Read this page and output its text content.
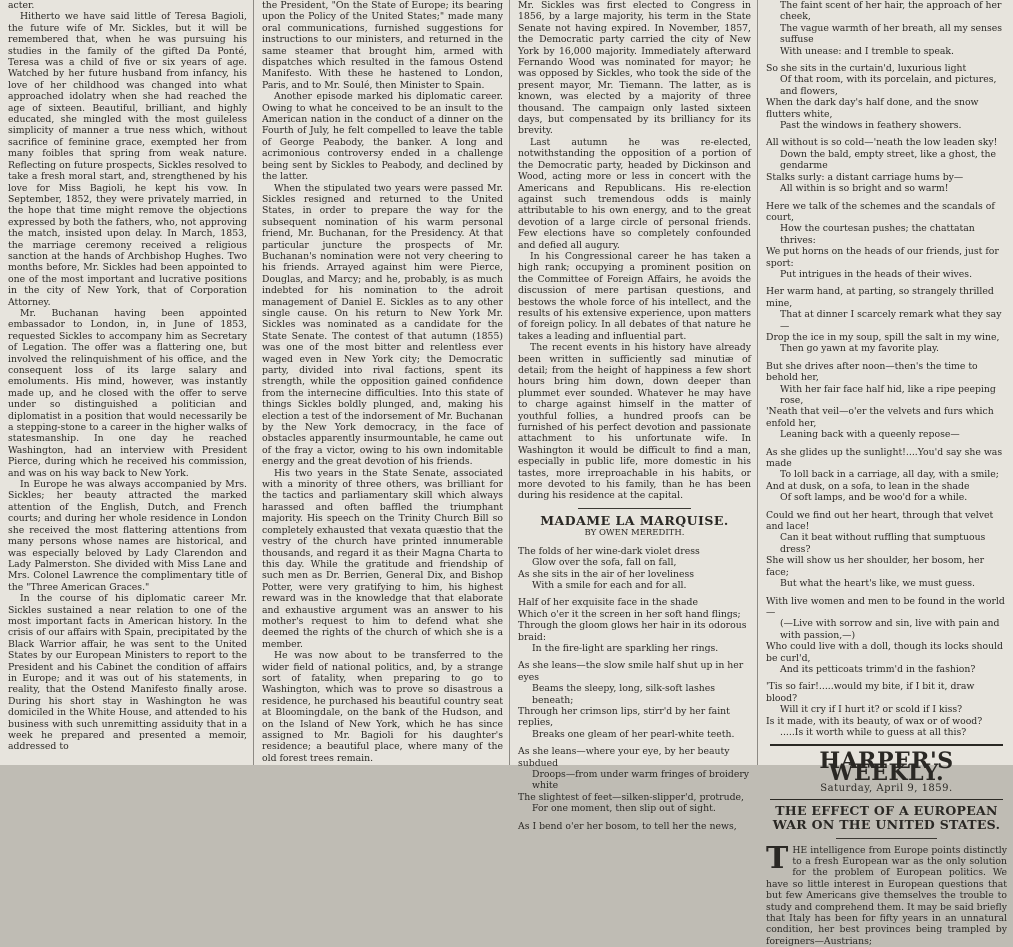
acter.

Hitherto we have said little of Teresa Bagioli, the future wife of Mr. Sickles, but it will be remembered that, when he was pursuing his studies in the family of the gifted Da Ponté, Teresa was a child of five or six years of age. Watched by her future husband from infancy, his love of her childhood was changed into what approached idolatry when she had reached the age of sixteen. Beautiful, brilliant, and highly educated, she mingled with the most guileless simplicity of manner a true ness which, without sacrifice of feminine grace, exempted her from many foibles that spring from weak nature. Reflecting on future prospects, Sickles resolved to take a fresh moral start, and, strengthened by his love for Miss Bagioli, he kept his vow. In September, 1852, they were privately married, in the hope that time might remove the objections expressed by both the fathers, who, not approving the match, insisted upon delay. In March, 1853, the marriage ceremony received a religious sanction at the hands of Archbishop Hughes. Two months before, Mr. Sickles had been appointed to one of the most important and lucrative positions in the city of New York, that of Corporation Attorney.

Mr. Buchanan having been appointed embassador to London, in, in June of 1853, requested Sickles to accompany him as Secretary of Legation. The offer was a flattering one, but involved the relinquishment of his office, and the consequent loss of its large salary and emoluments. His mind, however, was instantly made up, and he closed with the offer to serve under so distinguished a politician and diplomatist in a position that would necessarily be a stepping-stone to a career in the higher walks of statesmanship. In one day he reached Washington, had an interview with President Pierce, during which he received his commission, and was on his way back to New York.

In Europe he was always accompanied by Mrs. Sickles; her beauty attracted the marked attention of the English, Dutch, and French courts; and during her whole residence in London she received the most flattering attentions from many persons whose names are historical, and was especially beloved by Lady Clarendon and Lady Palmerston. She divided with Miss Lane and Mrs. Colonel Lawrence the complimentary title of the "Three American Graces."

In the course of his diplomatic career Mr. Sickles sustained a near relation to one of the most important facts in American history. In the crisis of our affairs with Spain, precipitated by the Black Warrior affair, he was sent to the United States by our European Ministers to report to the President and his Cabinet the condition of affairs in Europe; and it was out of his statements, in reality, that the Ostend Manifesto finally arose. During his short stay in Washington he was domiciled in the White House, and attended to his business with such unremitting assiduity that in a week he prepared and presented a memoir, addressed to

the President, "On the State of Europe; its bearing upon the Policy of the United States;" made many oral communications, furnished suggestions for instructions to our ministers, and returned in the same steamer that brought him, armed with dispatches which resulted in the famous Ostend Manifesto. With these he hastened to London, Paris, and to Mr. Soulé, then Minister to Spain.

Another episode marked his diplomatic career. Owing to what he conceived to be an insult to the American nation in the conduct of a dinner on the Fourth of July, he felt compelled to leave the table of George Peabody, the banker. A long and acrimonious controversy ended in a challenge being sent by Sickles to Peabody, and declined by the latter.

When the stipulated two years were passed Mr. Sickles resigned and returned to the United States, in order to prepare the way for the subsequent nomination of his warm personal friend, Mr. Buchanan, for the Presidency. At that particular juncture the prospects of Mr. Buchanan's nomination were not very cheering to his friends. Arrayed against him were Pierce, Douglas, and Marcy; and he, probably, is as much indebted for his nomination to the adroit management of Daniel E. Sickles as to any other single cause. On his return to New York Mr. Sickles was nominated as a candidate for the State Senate. The contest of that autumn (1855) was one of the most bitter and relentless ever waged even in New York city; the Democratic party, divided into rival factions, spent its strength, while the opposition gained confidence from the internecine difficulties. Into this state of things Sickles boldly plunged, and, making his election a test of the indorsement of Mr. Buchanan by the New York democracy, in the face of obstacles apparently insurmountable, he came out of the fray a victor, owing to his own indomitable energy and the great devotion of his friends.

His two years in the State Senate, associated with a minority of three others, was brilliant for the tactics and parliamentary skill which always harassed and often baffled the triumphant majority. His speech on the Trinity Church Bill so completely exhausted that vexata quæstio that the vestry of the church have printed innumerable thousands, and regard it as their Magna Charta to this day. While the gratitude and friendship of such men as Dr. Berrien, General Dix, and Bishop Potter, were very gratifying to him, his highest reward was in the knowledge that that elaborate and exhaustive argument was an answer to his mother's request to him to defend what she deemed the rights of the church of which she is a member.

He was now about to be transferred to the wider field of national politics, and, by a strange sort of fatality, when preparing to go to Washington, which was to prove so disastrous a residence, he purchased his beautiful country seat at Bloomingdale, on the bank of the Hudson, and on the Island of New York, which he has since assigned to Mr. Bagioli for his daughter's residence; a beautiful place, where many of the old forest trees remain.

Mr. Sickles was first elected to Congress in 1856, by a large majority, his term in the State Senate not having expired. In November, 1857, the Democratic party carried the city of New York by 16,000 majority. Immediately afterward Fernando Wood was nominated for mayor; he was opposed by Sickles, who took the side of the present mayor, Mr. Tiemann. The latter, as is known, was elected by a majority of three thousand. The campaign only lasted sixteen days, but compensated by its brilliancy for its brevity.

Last autumn he was re-elected, notwithstanding the opposition of a portion of the Democratic party, headed by Dickinson and Wood, acting more or less in concert with the Americans and Republicans. His re-election against such tremendous odds is mainly attributable to his own energy, and to the great devotion of a large circle of personal friends. Few elections have so completely confounded and defied all augury.

In his Congressional career he has taken a high rank; occupying a prominent position on the Committee of Foreign Affairs, he avoids the discussion of mere partisan questions, and bestows the whole force of his intellect, and the results of his extensive experience, upon matters of foreign policy. In all debates of that nature he takes a leading and influential part.

The recent events in his history have already been written in sufficiently sad minutiæ of detail; from the height of happiness a few short hours bring him down, down deeper than plummet ever sounded. Whatever he may have to charge against himself in the matter of youthful follies, a hundred proofs can be furnished of his perfect devotion and passionate attachment to his unfortunate wife. In Washington it would be difficult to find a man, especially in public life, more domestic in his tastes, more irreproachable in his habits, or more devoted to his family, than he has been during his residence at the capital.

MADAME LA MARQUISE.
BY OWEN MEREDITH.
The folds of her wine-dark violet dress
Glow over the sofa, fall on fall,
As she sits in the air of her loveliness
With a smile for each and for all.
Half of her exquisite face in the shade
Which o'er it the screen in her soft hand flings;
Through the gloom glows her hair in its odorous braid:
In the fire-light are sparkling her rings.
As she leans—the slow smile half shut up in her eyes
Beams the sleepy, long, silk-soft lashes beneath;
Through her crimson lips, stirr'd by her faint replies,
Breaks one gleam of her pearl-white teeth.
As she leans—where your eye, by her beauty subdued
Droops—from under warm fringes of broidery white
The slightest of feet—silken-slipper'd, protrude,
For one moment, then slip out of sight.
As I bend o'er her bosom, to tell her the news,
The faint scent of her hair, the approach of her cheek,
The vague warmth of her breath, all my senses suffuse
With unease: and I tremble to speak.
So she sits in the curtain'd, luxurious light
Of that room, with its porcelain, and pictures, and flowers,
When the dark day's half done, and the snow flutters white,
Past the windows in feathery showers.
All without is so cold—'neath the low leaden sky!
Down the bald, empty street, like a ghost, the gendarme
Stalks surly: a distant carriage hums by—
All within is so bright and so warm!
Here we talk of the schemes and the scandals of court,
How the courtesan pushes; the chattatan thrives:
We put horns on the heads of our friends, just for sport:
Put intrigues in the heads of their wives.
Her warm hand, at parting, so strangely thrilled mine,
That at dinner I scarcely remark what they say—
Drop the ice in my soup, spill the salt in my wine,
Then go yawn at my favorite play.
But she drives after noon—then's the time to behold her,
With her fair face half hid, like a ripe peeping rose,
'Neath that veil—o'er the velvets and furs which enfold her,
Leaning back with a queenly repose—
As she glides up the sunlight!....You'd say she was made
To loll back in a carriage, all day, with a smile;
And at dusk, on a sofa, to lean in the shade
Of soft lamps, and be woo'd for a while.
Could we find out her heart, through that velvet and lace!
Can it beat without ruffling that sumptuous dress?
She will show us her shoulder, her bosom, her face;
But what the heart's like, we must guess.
With live women and men to be found in the world—
(—Live with sorrow and sin, live with pain and with passion,—)
Who could live with a doll, though its locks should be curl'd,
And its petticoats trimm'd in the fashion?
'Tis so fair!.....would my bite, if I bit it, draw blood?
Will it cry if I hurt it? or scold if I kiss?
Is it made, with its beauty, of wax or of wood?
.....Is it worth while to guess at all this?
HARPER'S WEEKLY.
Saturday, April 9, 1859.
THE EFFECT OF A EUROPEAN WAR ON THE UNITED STATES.

THE intelligence from Europe points distinctly to a fresh European war as the only solution for the problem of European politics. We have so little interest in European questions that but few Americans give themselves the trouble to study and comprehend them. It may be said briefly that Italy has been for fifty years in an unnatural condition, her best provinces being trampled by foreigners—Austrians;
